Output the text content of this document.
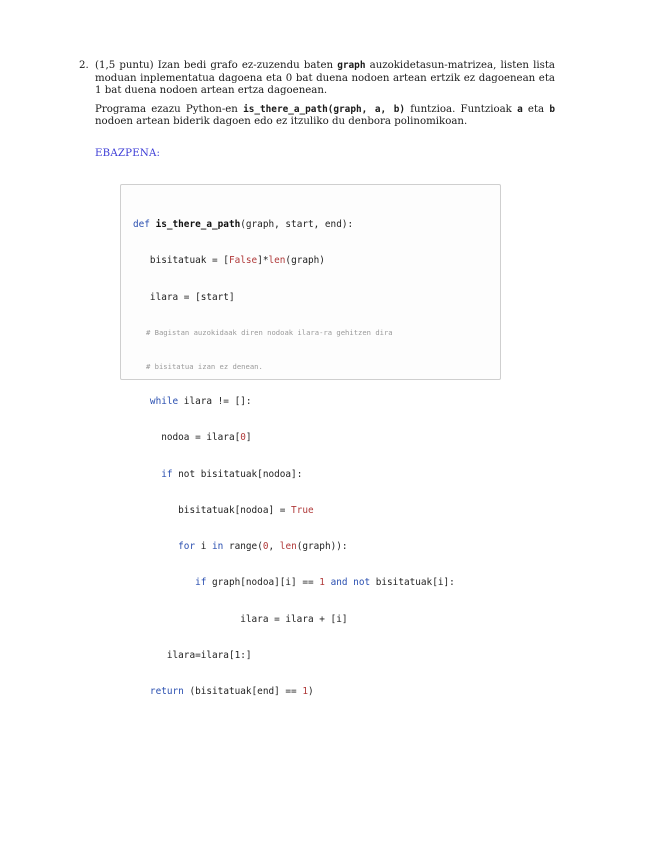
2. (1,5 puntu) Izan bedi grafo ez-zuzendu baten graph auzokidetasun-matrizea, listen lista moduan inplementatua dagoena eta 0 bat duena nodoen artean ertzik ez dagoenean eta 1 bat duena nodoen artean ertza dagoenean.

Programa ezazu Python-en is_there_a_path(graph, a, b) funtzioa. Funtzioak a eta b nodoen artean biderik dagoen edo ez itzuliko du denbora polinomikoan.

EBAZPENA:

def is_there_a_path(graph, start, end):

bisitatuak = [False]*len(graph)

ilara = [start]

# Bagistan auzokidaak diren nodoak ilara-ra gehitzen dira

# bisitatua izan ez denean.

while ilara != []:

nodoa = ilara[0]

if not bisitatuak[nodoa]:

bisitatuak[nodoa] = True

for i in range(0, len(graph)):

if graph[nodoa][i] == 1 and not bisitatuak[i]:

ilara = ilara + [i]

ilara=ilara[1:]

return (bisitatuak[end] == 1)
